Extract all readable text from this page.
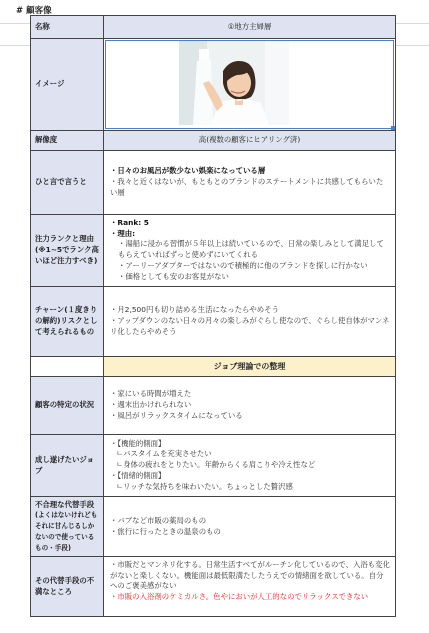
# 顧客像
名称	①地方主婦層
イメージ	

解像度	高(複数の顧客にヒアリング済)
ひと言で言うと	・日々のお風呂が数少ない娯楽になっている層
・我々と近くはないが、もともとのブランドのステートメントに共感してもらいたい層

注力ランクと理由(※1~5でランク高いほど注力すべき)	・Rank: 5
・理由:
・湯船に浸かる習慣が５年以上は続いているので、日常の楽しみとして満足してもらえていればずっと使めずにいてくれる
・アーリーアダプターではないので積極的に他のブランドを探しに行かない
・価格としても安のお客見がない

チャーン(１度きりの解約)リスクとして考えられるもの	・月2,500円も切り詰める生活になったらやめそう
・アップダウンのない日々の月々の楽しみがぐらし使なので、ぐらし使自体がマンネリ化したらやめそう

	ジョブ理論での整理
顧客の特定の状況	・家にいる時間が増えた
・週末出かけれられない
・風呂がリラックスタイムになっている

成し遂げたいジョブ	・【機能的側面】
ㄴバスタイムを充実させたい
ㄴ身体の疲れをとりたい。年齢からくる肩こりや冷え性など
・【情緒的側面】
ㄴリッチな気持ちを味わいたい。ちょっとした贅沢感

不合理な代替手段(よくはないけれどもそれに甘んじるしかないので使っているもの・手段)	・バブなど市販の薬局のもの
・旅行に行ったときの温泉のもの

その代替手段の不満なところ	・市販だとマンネリ化する。日常生活すべてがルーチン化しているので、入浴も変化がないと楽しくない。機能面は最低限満たしたうえでの情緒面を欲している。自分へのご褒美感がない
・市販の入浴剤のケミカルさ。色やにおいが人工的なのでリラックスできない
